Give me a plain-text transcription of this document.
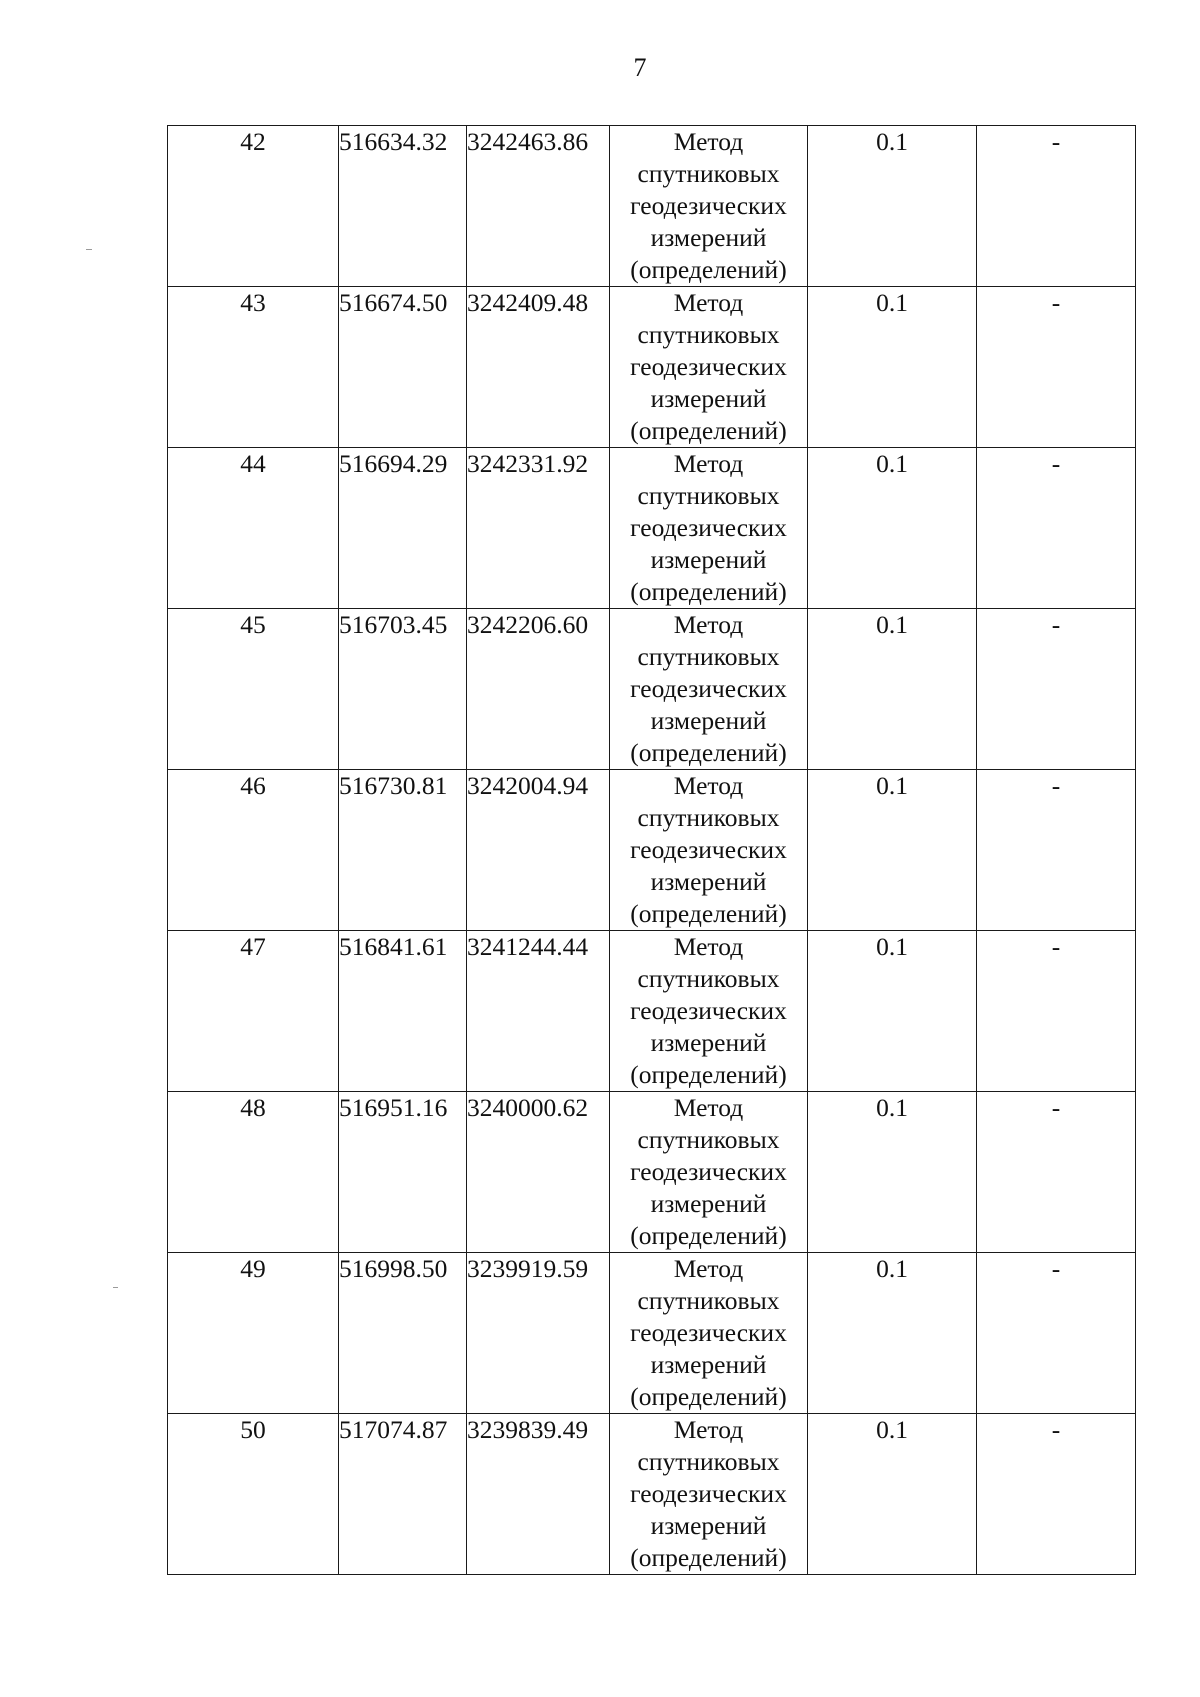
7
42	516634.32	3242463.86	Метод
спутниковых
геодезических
измерений
(определений)	0.1	-
43	516674.50	3242409.48	Метод
спутниковых
геодезических
измерений
(определений)	0.1	-
44	516694.29	3242331.92	Метод
спутниковых
геодезических
измерений
(определений)	0.1	-
45	516703.45	3242206.60	Метод
спутниковых
геодезических
измерений
(определений)	0.1	-
46	516730.81	3242004.94	Метод
спутниковых
геодезических
измерений
(определений)	0.1	-
47	516841.61	3241244.44	Метод
спутниковых
геодезических
измерений
(определений)	0.1	-
48	516951.16	3240000.62	Метод
спутниковых
геодезических
измерений
(определений)	0.1	-
49	516998.50	3239919.59	Метод
спутниковых
геодезических
измерений
(определений)	0.1	-
50	517074.87	3239839.49	Метод
спутниковых
геодезических
измерений
(определений)	0.1	-
